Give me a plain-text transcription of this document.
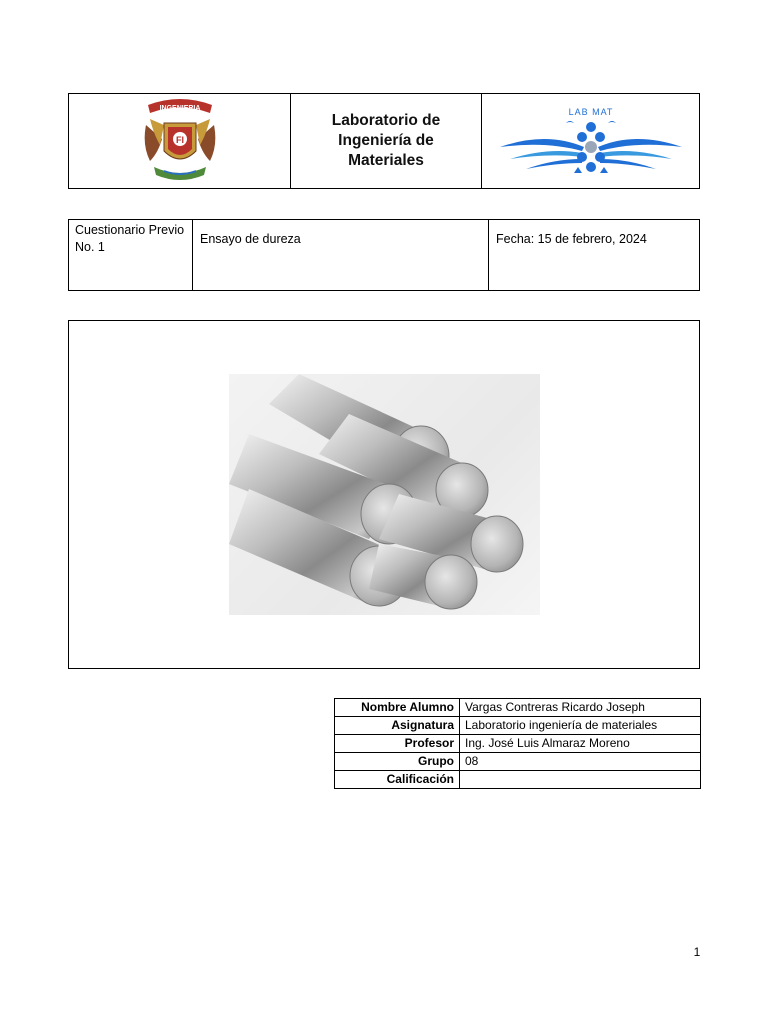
INGENIERIA
FI
Laboratorio de
Ingeniería de
Materiales
LAB MAT
Cuestionario Previo
No. 1
Ensayo de dureza	Fecha: 15 de febrero, 2024
Nombre Alumno	Vargas Contreras Ricardo Joseph
Asignatura	Laboratorio ingeniería de materiales
Profesor	Ing. José Luis Almaraz Moreno
Grupo	08
Calificación	
1
